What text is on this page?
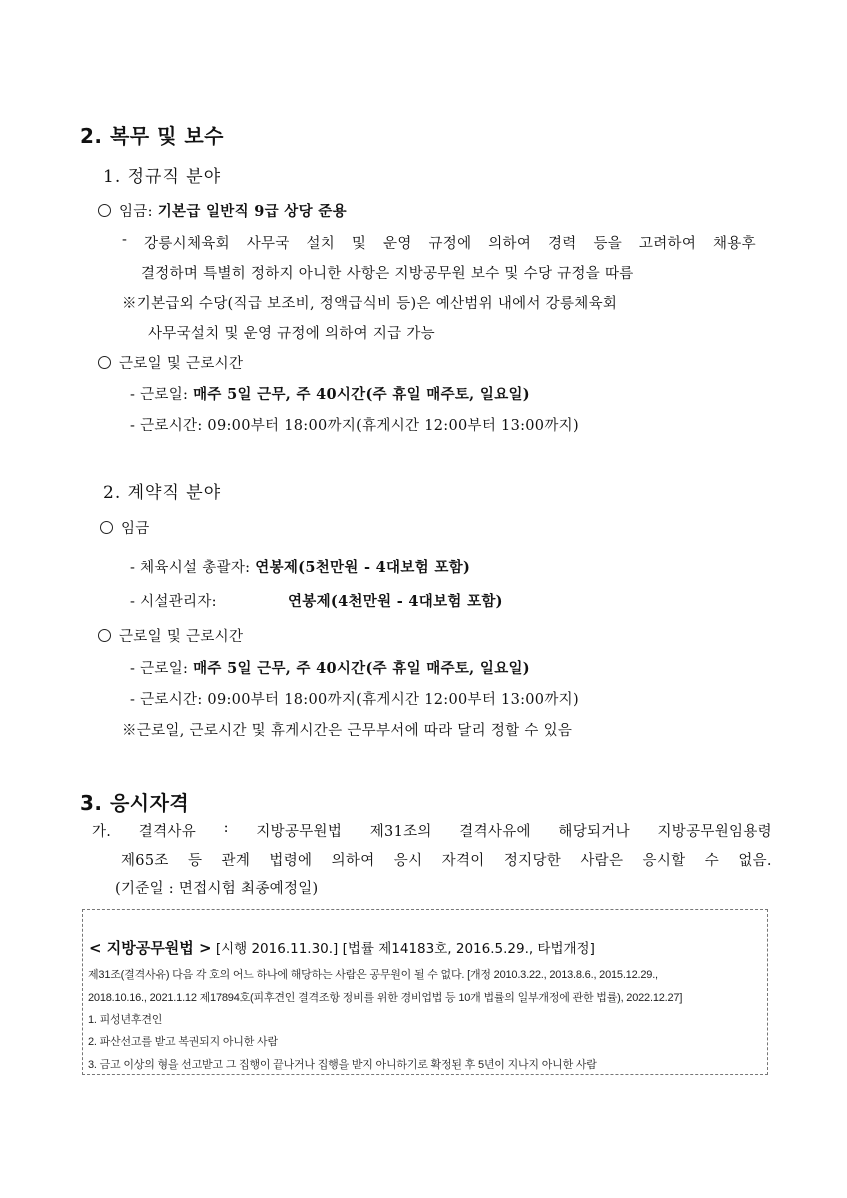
2. 복무 및 보수
1. 정규직 분야
임금: 기본급 일반직 9급 상당 준용
- 강릉시체육회 사무국 설치 및 운영 규정에 의하여 경력 등을 고려하여 채용후
결정하며 특별히 정하지 아니한 사항은 지방공무원 보수 및 수당 규정을 따름
※기본급외 수당(직급 보조비, 정액급식비 등)은 예산범위 내에서 강릉체육회
사무국설치 및 운영 규정에 의하여 지급 가능
근로일 및 근로시간
- 근로일: 매주 5일 근무, 주 40시간(주 휴일 매주토, 일요일)
- 근로시간: 09:00부터 18:00까지(휴게시간 12:00부터 13:00까지)
2. 계약직 분야
임금
- 체육시설 총괄자: 연봉제(5천만원 - 4대보험 포함)
- 시설관리자:	연봉제(4천만원 - 4대보험 포함)
근로일 및 근로시간
- 근로일: 매주 5일 근무, 주 40시간(주 휴일 매주토, 일요일)
- 근로시간: 09:00부터 18:00까지(휴게시간 12:00부터 13:00까지)
※근로일, 근로시간 및 휴게시간은 근무부서에 따라 달리 정할 수 있음
3. 응시자격
가. 결격사유 : 지방공무원법 제31조의 결격사유에 해당되거나 지방공무원임용령
제65조 등 관계 법령에 의하여 응시 자격이 정지당한 사람은 응시할 수 없음.
(기준일 : 면접시험 최종예정일)
< 지방공무원법 > [시행 2016.11.30.] [법률 제14183호, 2016.5.29., 타법개정]
제31조(결격사유) 다음 각 호의 어느 하나에 해당하는 사람은 공무원이 될 수 없다. [개정 2010.3.22., 2013.8.6., 2015.12.29.,
2018.10.16., 2021.1.12 제17894호(피후견인 결격조항 정비를 위한 경비업법 등 10개 법률의 일부개정에 관한 법률), 2022.12.27]
1. 피성년후견인
2. 파산선고를 받고 복권되지 아니한 사람
3. 금고 이상의 형을 선고받고 그 집행이 끝나거나 집행을 받지 아니하기로 확정된 후 5년이 지나지 아니한 사람
